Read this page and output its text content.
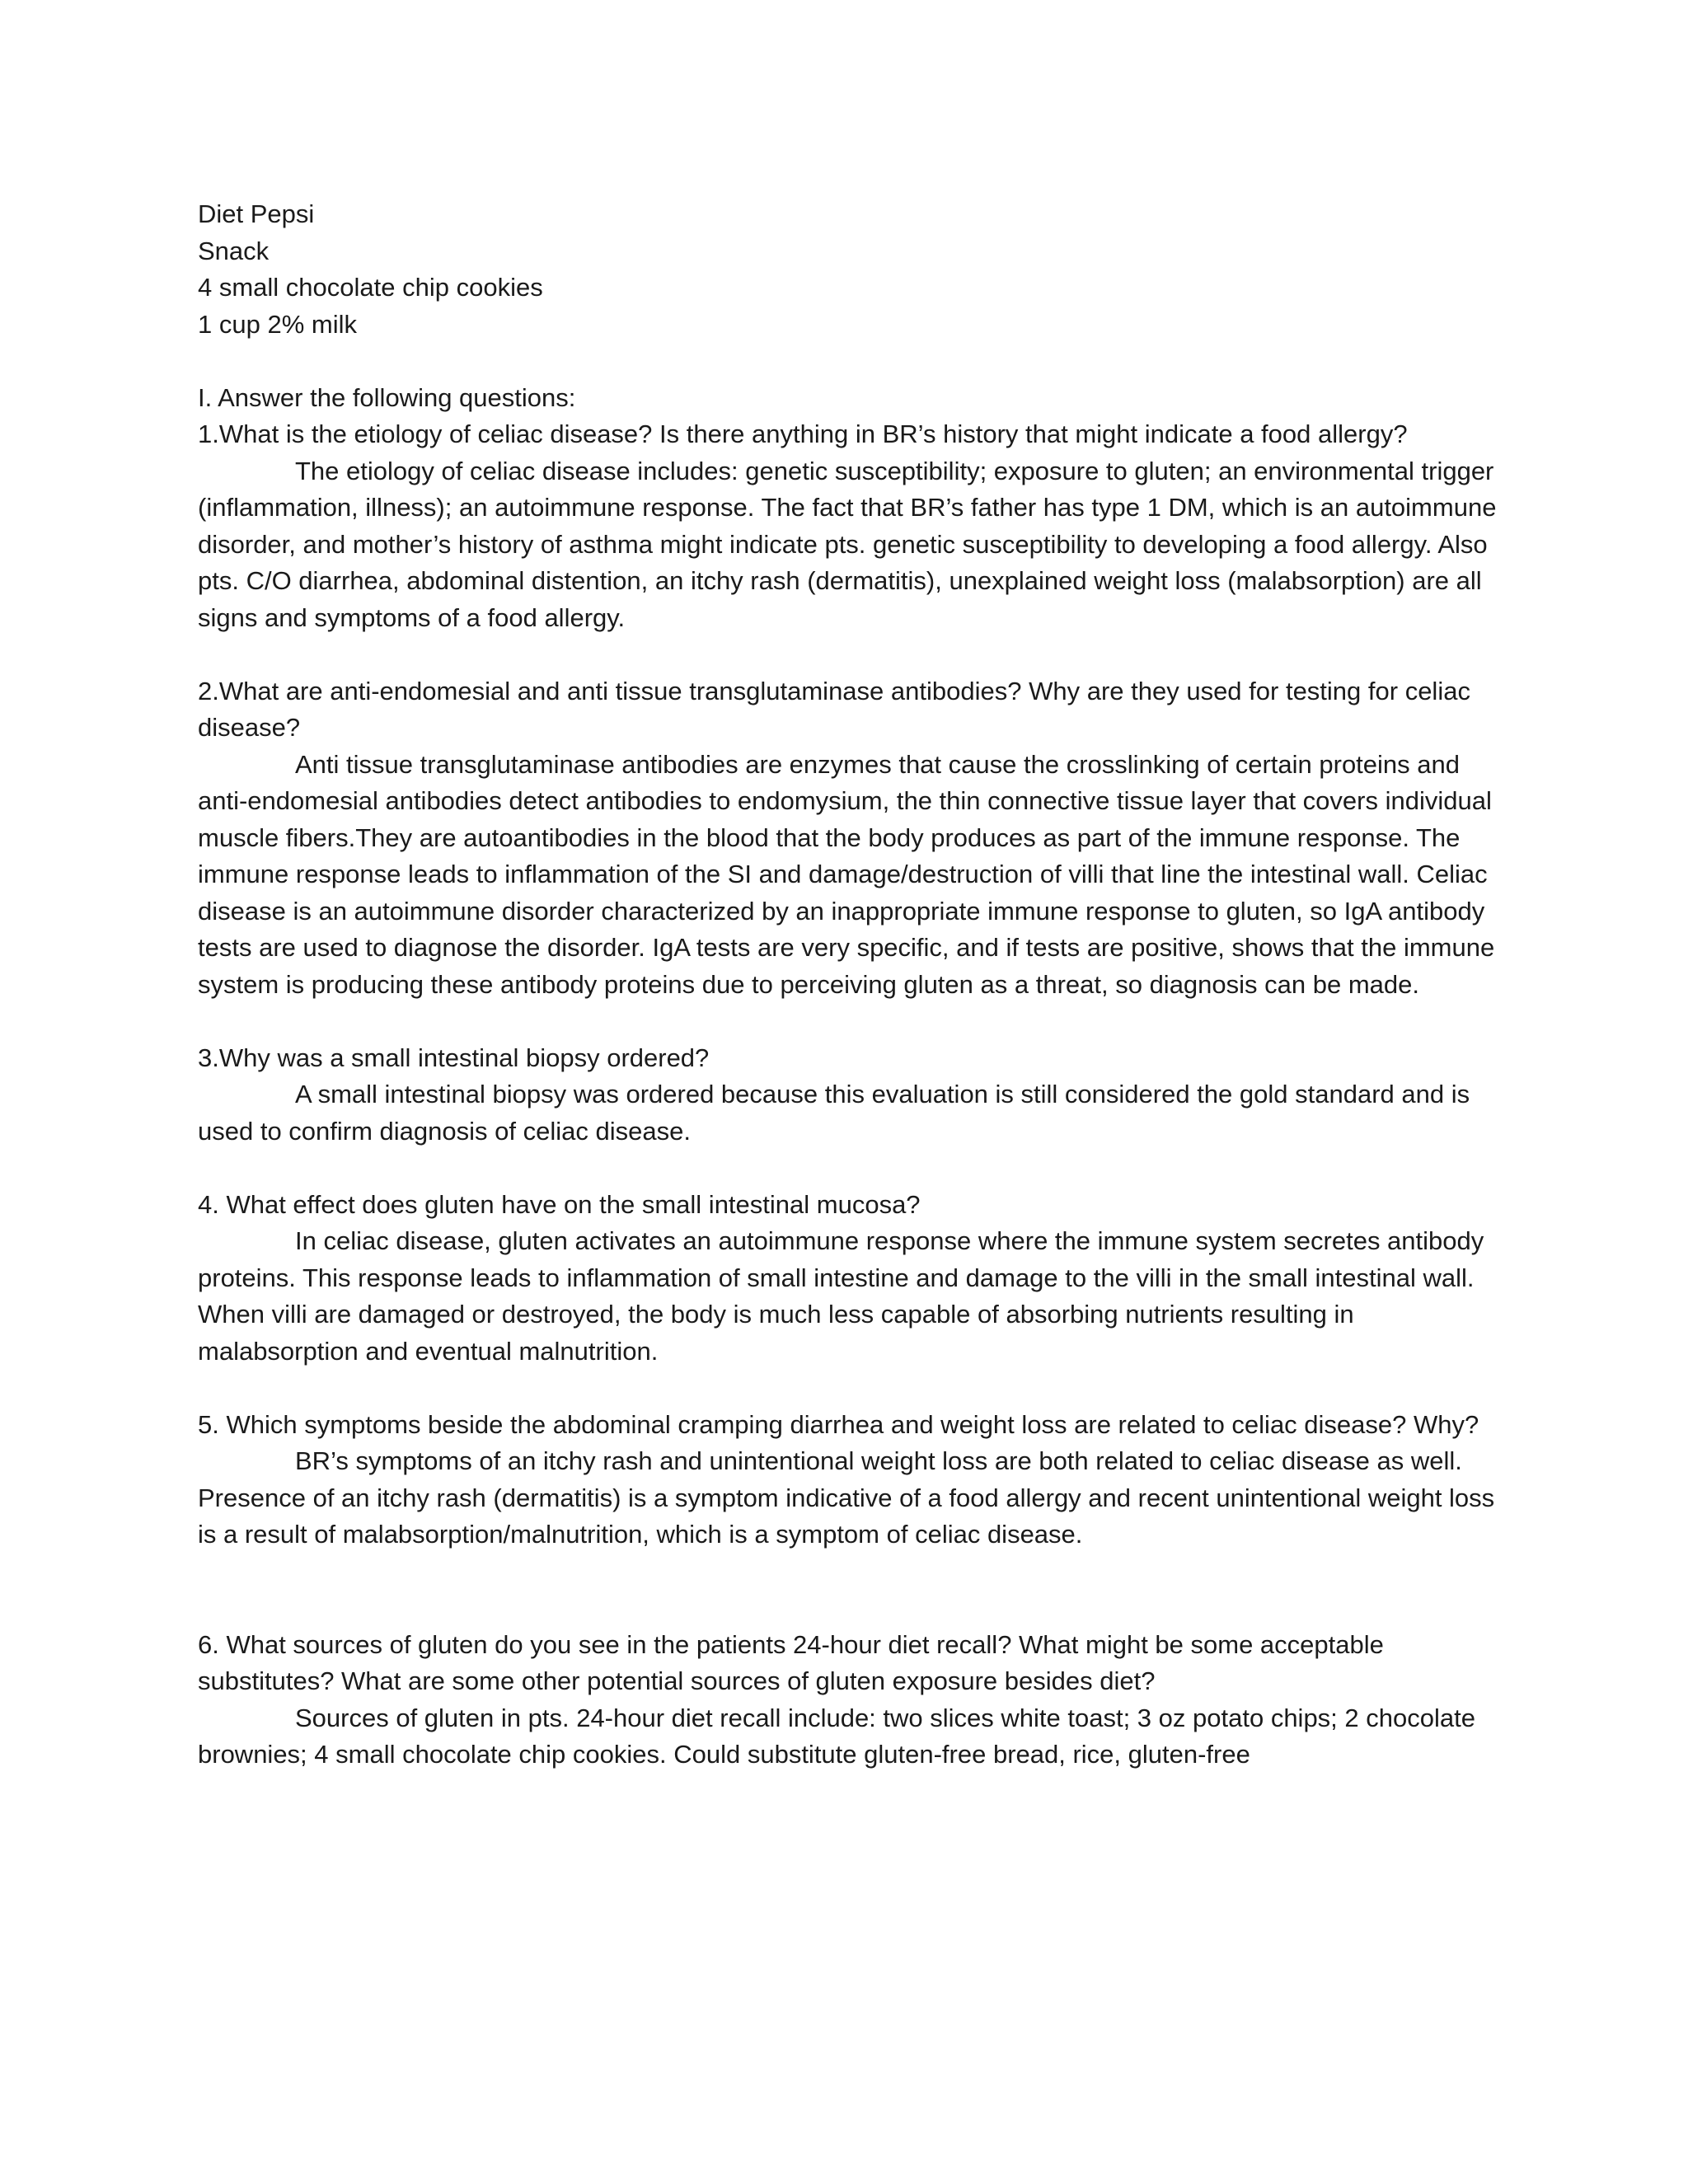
Diet Pepsi
Snack
4 small chocolate chip cookies
1 cup 2% milk
I. Answer the following questions:
1.What is the etiology of celiac disease? Is there anything in BR’s history that might indicate a food allergy?
The etiology of celiac disease includes: genetic susceptibility; exposure to gluten; an environmental trigger (inflammation, illness); an autoimmune response. The fact that BR’s father has type 1 DM, which is an autoimmune disorder, and mother’s history of asthma might indicate pts. genetic susceptibility to developing a food allergy. Also pts. C/O diarrhea, abdominal distention, an itchy rash (dermatitis), unexplained weight loss (malabsorption) are all signs and symptoms of a food allergy.
2.What are anti-endomesial and anti tissue transglutaminase antibodies? Why are they used for testing for celiac disease?
Anti tissue transglutaminase antibodies are enzymes that cause the crosslinking of certain proteins and anti-endomesial antibodies detect antibodies to endomysium, the thin connective tissue layer that covers individual muscle fibers.They are autoantibodies in the blood that the body produces as part of the immune response. The immune response leads to inflammation of the SI and damage/destruction of villi that line the intestinal wall. Celiac disease is an autoimmune disorder characterized by an inappropriate immune response to gluten, so IgA antibody tests are used to diagnose the disorder. IgA tests are very specific, and if tests are positive, shows that the immune system is producing these antibody proteins due to perceiving gluten as a threat, so diagnosis can be made.
3.Why was a small intestinal biopsy ordered?
A small intestinal biopsy was ordered because this evaluation is still considered the gold standard and is used to confirm diagnosis of celiac disease.
4. What effect does gluten have on the small intestinal mucosa?
In celiac disease, gluten activates an autoimmune response where the immune system secretes antibody proteins. This response leads to inflammation of small intestine and damage to the villi in the small intestinal wall. When villi are damaged or destroyed, the body is much less capable of absorbing nutrients resulting in malabsorption and eventual malnutrition.
5. Which symptoms beside the abdominal cramping diarrhea and weight loss are related to celiac disease? Why?
BR’s symptoms of an itchy rash and unintentional weight loss are both related to celiac disease as well. Presence of an itchy rash (dermatitis) is a symptom indicative of a food allergy and recent unintentional weight loss is a result of malabsorption/malnutrition, which is a symptom of celiac disease.
6. What sources of gluten do you see in the patients 24-hour diet recall? What might be some acceptable substitutes? What are some other potential sources of gluten exposure besides diet?
Sources of gluten in pts. 24-hour diet recall include: two slices white toast; 3 oz potato chips; 2 chocolate brownies; 4 small chocolate chip cookies. Could substitute gluten-free bread, rice, gluten-free
